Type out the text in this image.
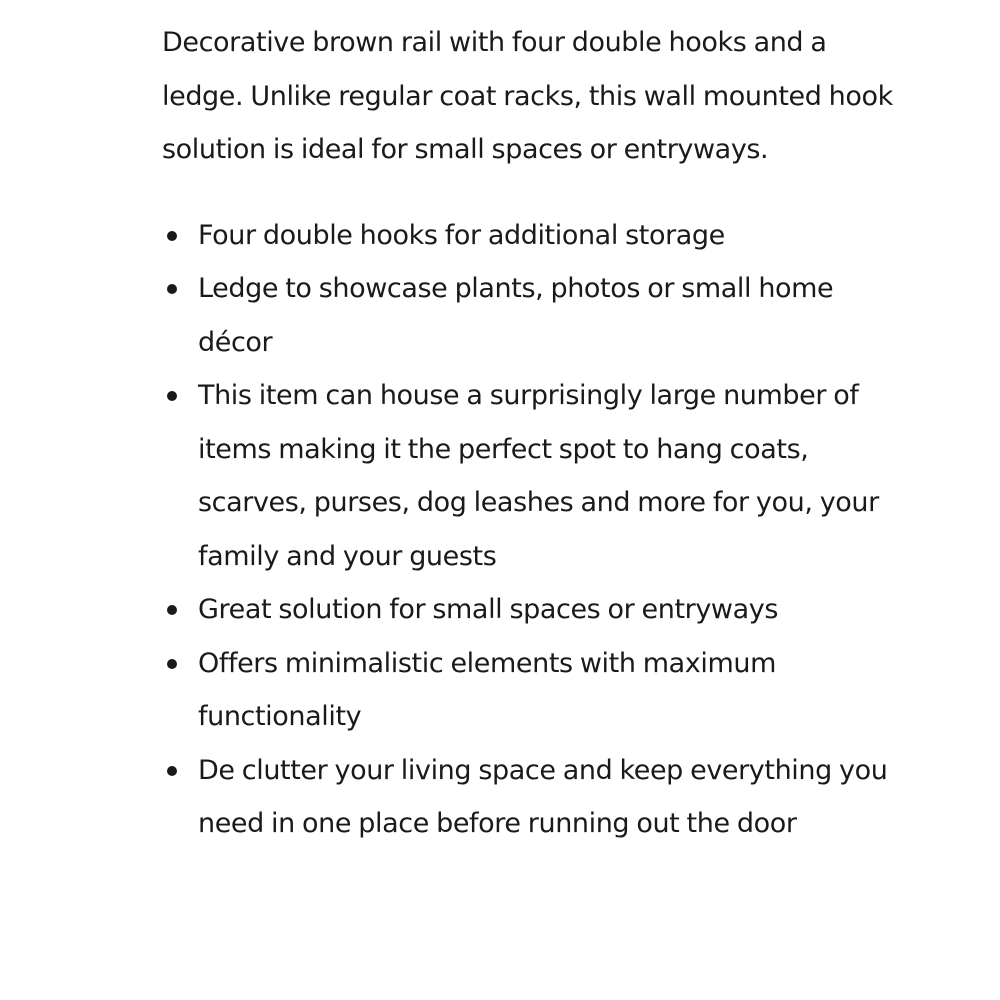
Decorative brown rail with four double hooks and a ledge. Unlike regular coat racks, this wall mounted hook solution is ideal for small spaces or entryways.

Four double hooks for additional storage
Ledge to showcase plants, photos or small home décor
This item can house a surprisingly large number of items making it the perfect spot to hang coats, scarves, purses, dog leashes and more for you, your family and your guests
Great solution for small spaces or entryways
Offers minimalistic elements with maximum functionality
De clutter your living space and keep everything you need in one place before running out the door
